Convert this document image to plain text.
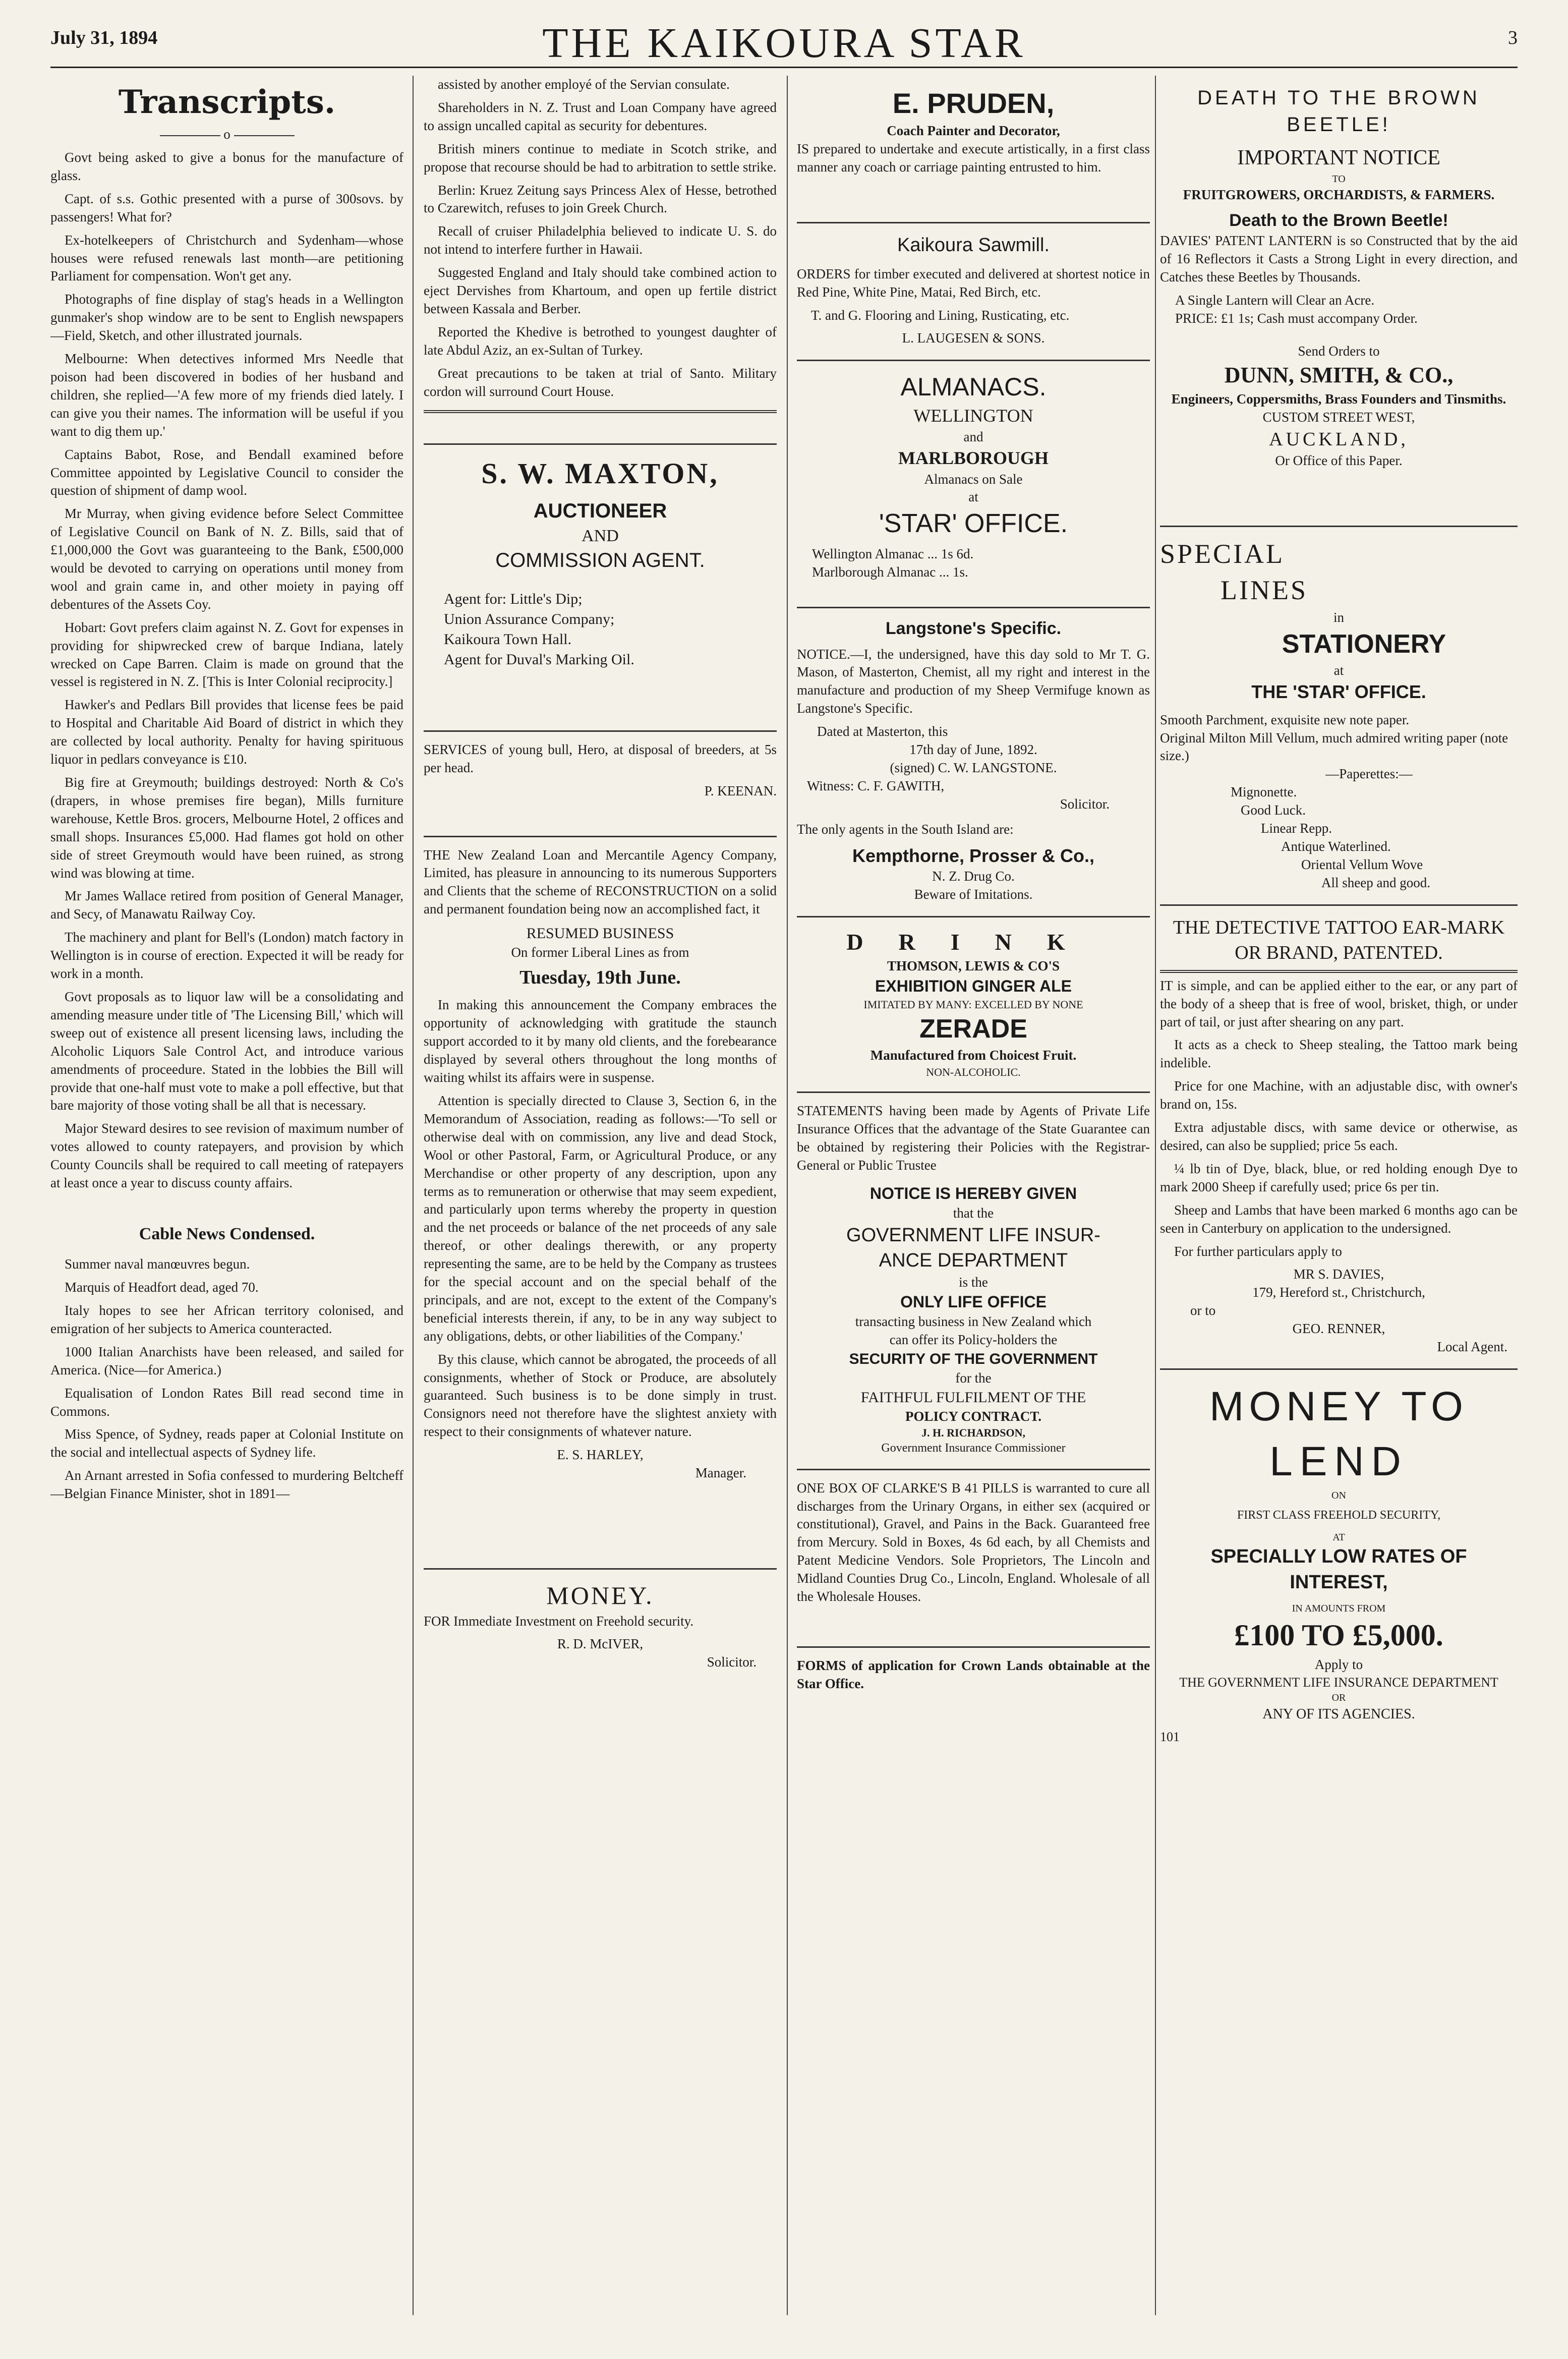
July 31, 1894	THE KAIKOURA STAR	3
Transcripts.
o

Govt being asked to give a bonus for the manufacture of glass.

Capt. of s.s. Gothic presented with a purse of 300sovs. by passengers! What for?

Ex-hotelkeepers of Christchurch and Sydenham—whose houses were refused renewals last month—are petitioning Parliament for compensation. Won't get any.

Photographs of fine display of stag's heads in a Wellington gunmaker's shop window are to be sent to English newspapers—Field, Sketch, and other illustrated journals.

Melbourne: When detectives informed Mrs Needle that poison had been discovered in bodies of her husband and children, she replied—'A few more of my friends died lately. I can give you their names. The information will be useful if you want to dig them up.'

Captains Babot, Rose, and Bendall examined before Committee appointed by Legislative Council to consider the question of shipment of damp wool.

Mr Murray, when giving evidence before Select Committee of Legislative Council on Bank of N. Z. Bills, said that of £1,000,000 the Govt was guaranteeing to the Bank, £500,000 would be devoted to carrying on operations until money from wool and grain came in, and other moiety in paying off debentures of the Assets Coy.

Hobart: Govt prefers claim against N. Z. Govt for expenses in providing for shipwrecked crew of barque Indiana, lately wrecked on Cape Barren. Claim is made on ground that the vessel is registered in N. Z. [This is Inter Colonial reciprocity.]

Hawker's and Pedlars Bill provides that license fees be paid to Hospital and Charitable Aid Board of district in which they are collected by local authority. Penalty for having spirituous liquor in pedlars conveyance is £10.

Big fire at Greymouth; buildings destroyed: North & Co's (drapers, in whose premises fire began), Mills furniture warehouse, Kettle Bros. grocers, Melbourne Hotel, 2 offices and small shops. Insurances £5,000. Had flames got hold on other side of street Greymouth would have been ruined, as strong wind was blowing at time.

Mr James Wallace retired from position of General Manager, and Secy, of Manawatu Railway Coy.

The machinery and plant for Bell's (London) match factory in Wellington is in course of erection. Expected it will be ready for work in a month.

Govt proposals as to liquor law will be a consolidating and amending measure under title of 'The Licensing Bill,' which will sweep out of existence all present licensing laws, including the Alcoholic Liquors Sale Control Act, and introduce various amendments of proceedure. Stated in the lobbies the Bill will provide that one-half must vote to make a poll effective, but that bare majority of those voting shall be all that is necessary.

Major Steward desires to see revision of maximum number of votes allowed to county ratepayers, and provision by which County Councils shall be required to call meeting of ratepayers at least once a year to discuss county affairs.

Cable News Condensed.

Summer naval manœuvres begun.

Marquis of Headfort dead, aged 70.

Italy hopes to see her African territory colonised, and emigration of her subjects to America counteracted.

1000 Italian Anarchists have been released, and sailed for America. (Nice—for America.)

Equalisation of London Rates Bill read second time in Commons.

Miss Spence, of Sydney, reads paper at Colonial Institute on the social and intellectual aspects of Sydney life.

An Arnant arrested in Sofia confessed to murdering Beltcheff—Belgian Finance Minister, shot in 1891—

assisted by another employé of the Servian consulate.

Shareholders in N. Z. Trust and Loan Company have agreed to assign uncalled capital as security for debentures.

British miners continue to mediate in Scotch strike, and propose that recourse should be had to arbitration to settle strike.

Berlin: Kruez Zeitung says Princess Alex of Hesse, betrothed to Czarewitch, refuses to join Greek Church.

Recall of cruiser Philadelphia believed to indicate U. S. do not intend to interfere further in Hawaii.

Suggested England and Italy should take combined action to eject Dervishes from Khartoum, and open up fertile district between Kassala and Berber.

Reported the Khedive is betrothed to youngest daughter of late Abdul Aziz, an ex-Sultan of Turkey.

Great precautions to be taken at trial of Santo. Military cordon will surround Court House.

S. W. MAXTON,
AUCTIONEER
AND
COMMISSION AGENT.
Agent for: Little's Dip;
Union Assurance Company;
Kaikoura Town Hall.
Agent for Duval's Marking Oil.

SERVICES of young bull, Hero, at disposal of breeders, at 5s per head.

P. KEENAN.

THE New Zealand Loan and Mercantile Agency Company, Limited, has pleasure in announcing to its numerous Supporters and Clients that the scheme of RECONSTRUCTION on a solid and permanent foundation being now an accomplished fact, it

RESUMED BUSINESS
On former Liberal Lines as from
Tuesday, 19th June.

In making this announcement the Company embraces the opportunity of acknowledging with gratitude the staunch support accorded to it by many old clients, and the forebearance displayed by several others throughout the long months of waiting whilst its affairs were in suspense.

Attention is specially directed to Clause 3, Section 6, in the Memorandum of Association, reading as follows:—'To sell or otherwise deal with on commission, any live and dead Stock, Wool or other Pastoral, Farm, or Agricultural Produce, or any Merchandise or other property of any description, upon any terms as to remuneration or otherwise that may seem expedient, and particularly upon terms whereby the property in question and the net proceeds or balance of the net proceeds of any sale thereof, or other dealings therewith, or any property representing the same, are to be held by the Company as trustees for the special account and on the special behalf of the principals, and are not, except to the extent of the Company's beneficial interests therein, if any, to be in any way subject to any obligations, debts, or other liabilities of the Company.'

By this clause, which cannot be abrogated, the proceeds of all consignments, whether of Stock or Produce, are absolutely guaranteed. Such business is to be done simply in trust. Consignors need not therefore have the slightest anxiety with respect to their consignments of whatever nature.

E. S. HARLEY,
Manager.
MONEY.

FOR Immediate Investment on Freehold security.

R. D. McIVER,
Solicitor.
E. PRUDEN,
Coach Painter and Decorator,

IS prepared to undertake and execute artistically, in a first class manner any coach or carriage painting entrusted to him.

Kaikoura Sawmill.

ORDERS for timber executed and delivered at shortest notice in Red Pine, White Pine, Matai, Red Birch, etc.

T. and G. Flooring and Lining, Rusticating, etc.

L. LAUGESEN & SONS.
ALMANACS.
WELLINGTON
and
MARLBOROUGH
Almanacs on Sale
at
'STAR' OFFICE.
Wellington Almanac ... 1s 6d.
Marlborough Almanac ... 1s.
Langstone's Specific.

NOTICE.—I, the undersigned, have this day sold to Mr T. G. Mason, of Masterton, Chemist, all my right and interest in the manufacture and production of my Sheep Vermifuge known as Langstone's Specific.

Dated at Masterton, this
17th day of June, 1892.
(signed) C. W. LANGSTONE.
Witness: C. F. GAWITH,
Solicitor.

The only agents in the South Island are:

Kempthorne, Prosser & Co.,
N. Z. Drug Co.
Beware of Imitations.
DRINK
THOMSON, LEWIS & CO'S
EXHIBITION GINGER ALE
IMITATED BY MANY: EXCELLED BY NONE
ZERADE
Manufactured from Choicest Fruit.
NON-ALCOHOLIC.

STATEMENTS having been made by Agents of Private Life Insurance Offices that the advantage of the State Guarantee can be obtained by registering their Policies with the Registrar-General or Public Trustee

NOTICE IS HEREBY GIVEN
that the
GOVERNMENT LIFE INSUR-
ANCE DEPARTMENT
is the
ONLY LIFE OFFICE
transacting business in New Zealand which
can offer its Policy-holders the
SECURITY OF THE GOVERNMENT
for the
FAITHFUL FULFILMENT OF THE
POLICY CONTRACT.
J. H. RICHARDSON,
Government Insurance Commissioner

ONE BOX OF CLARKE'S B 41 PILLS is warranted to cure all discharges from the Urinary Organs, in either sex (acquired or constitutional), Gravel, and Pains in the Back. Guaranteed free from Mercury. Sold in Boxes, 4s 6d each, by all Chemists and Patent Medicine Vendors. Sole Proprietors, The Lincoln and Midland Counties Drug Co., Lincoln, England. Wholesale of all the Wholesale Houses.

FORMS of application for Crown Lands obtainable at the Star Office.

DEATH TO THE BROWN BEETLE!
IMPORTANT NOTICE
TO
FRUITGROWERS, ORCHARDISTS, & FARMERS.
Death to the Brown Beetle!

DAVIES' PATENT LANTERN is so Constructed that by the aid of 16 Reflectors it Casts a Strong Light in every direction, and Catches these Beetles by Thousands.

A Single Lantern will Clear an Acre.
PRICE: £1 1s; Cash must accompany Order.
Send Orders to
DUNN, SMITH, & CO.,
Engineers, Coppersmiths, Brass Founders and Tinsmiths.
CUSTOM STREET WEST,
AUCKLAND,
Or Office of this Paper.
SPECIAL
LINES
in
STATIONERY
at
THE 'STAR' OFFICE.
Smooth Parchment, exquisite new note paper.
Original Milton Mill Vellum, much admired writing paper (note size.)
—Paperettes:—
Mignonette.
Good Luck.
Linear Repp.
Antique Waterlined.
Oriental Vellum Wove
All sheep and good.
THE DETECTIVE TATTOO EAR-MARK OR BRAND, PATENTED.

IT is simple, and can be applied either to the ear, or any part of the body of a sheep that is free of wool, brisket, thigh, or under part of tail, or just after shearing on any part.

It acts as a check to Sheep stealing, the Tattoo mark being indelible.

Price for one Machine, with an adjustable disc, with owner's brand on, 15s.

Extra adjustable discs, with same device or otherwise, as desired, can also be supplied; price 5s each.

¼ lb tin of Dye, black, blue, or red holding enough Dye to mark 2000 Sheep if carefully used; price 6s per tin.

Sheep and Lambs that have been marked 6 months ago can be seen in Canterbury on application to the undersigned.

For further particulars apply to

MR S. DAVIES,
179, Hereford st., Christchurch,
or to
GEO. RENNER,
Local Agent.
MONEY TO
LEND
ON
FIRST CLASS FREEHOLD SECURITY,
AT
SPECIALLY LOW RATES OF
INTEREST,
IN AMOUNTS FROM
£100 TO £5,000.
Apply to
THE GOVERNMENT LIFE INSURANCE DEPARTMENT
OR
ANY OF ITS AGENCIES.
101
